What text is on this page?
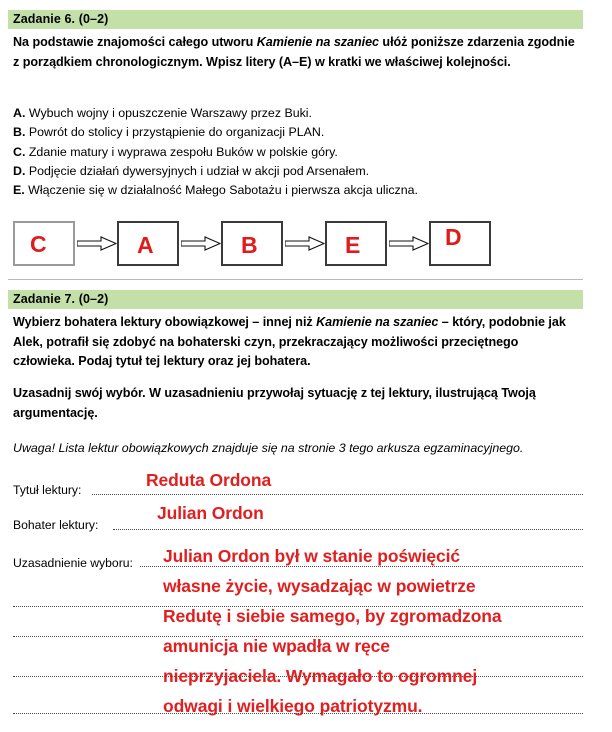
Zadanie 6. (0–2)
Na podstawie znajomości całego utworu Kamienie na szaniec ułóż poniższe zdarzenia zgodnie z porządkiem chronologicznym. Wpisz litery (A–E) w kratki we właściwej kolejności.
A. Wybuch wojny i opuszczenie Warszawy przez Buki.
B. Powrót do stolicy i przystąpienie do organizacji PLAN.
C. Zdanie matury i wyprawa zespołu Buków w polskie góry.
D. Podjęcie działań dywersyjnych i udział w akcji pod Arsenałem.
E. Włączenie się w działalność Małego Sabotażu i pierwsza akcja uliczna.
C	A	B	E	D
Zadanie 7. (0–2)
Wybierz bohatera lektury obowiązkowej – innej niż Kamienie na szaniec – który, podobnie jak Alek, potrafił się zdobyć na bohaterski czyn, przekraczający możliwości przeciętnego człowieka. Podaj tytuł tej lektury oraz jej bohatera.
Uzasadnij swój wybór. W uzasadnieniu przywołaj sytuację z tej lektury, ilustrującą Twoją argumentację.
Uwaga! Lista lektur obowiązkowych znajduje się na stronie 3 tego arkusza egzaminacyjnego.
Tytuł lektury:	Reduta Ordona
Bohater lektury:
Julian Ordon
Uzasadnienie wyboru: Julian Ordon był w stanie poświęcić
własne życie, wysadzając w powietrze
Redutę i siebie samego, by zgromadzona
amunicja nie wpadła w ręce
nieprzyjaciela. Wymagało to ogromnej
odwagi i wielkiego patriotyzmu.
